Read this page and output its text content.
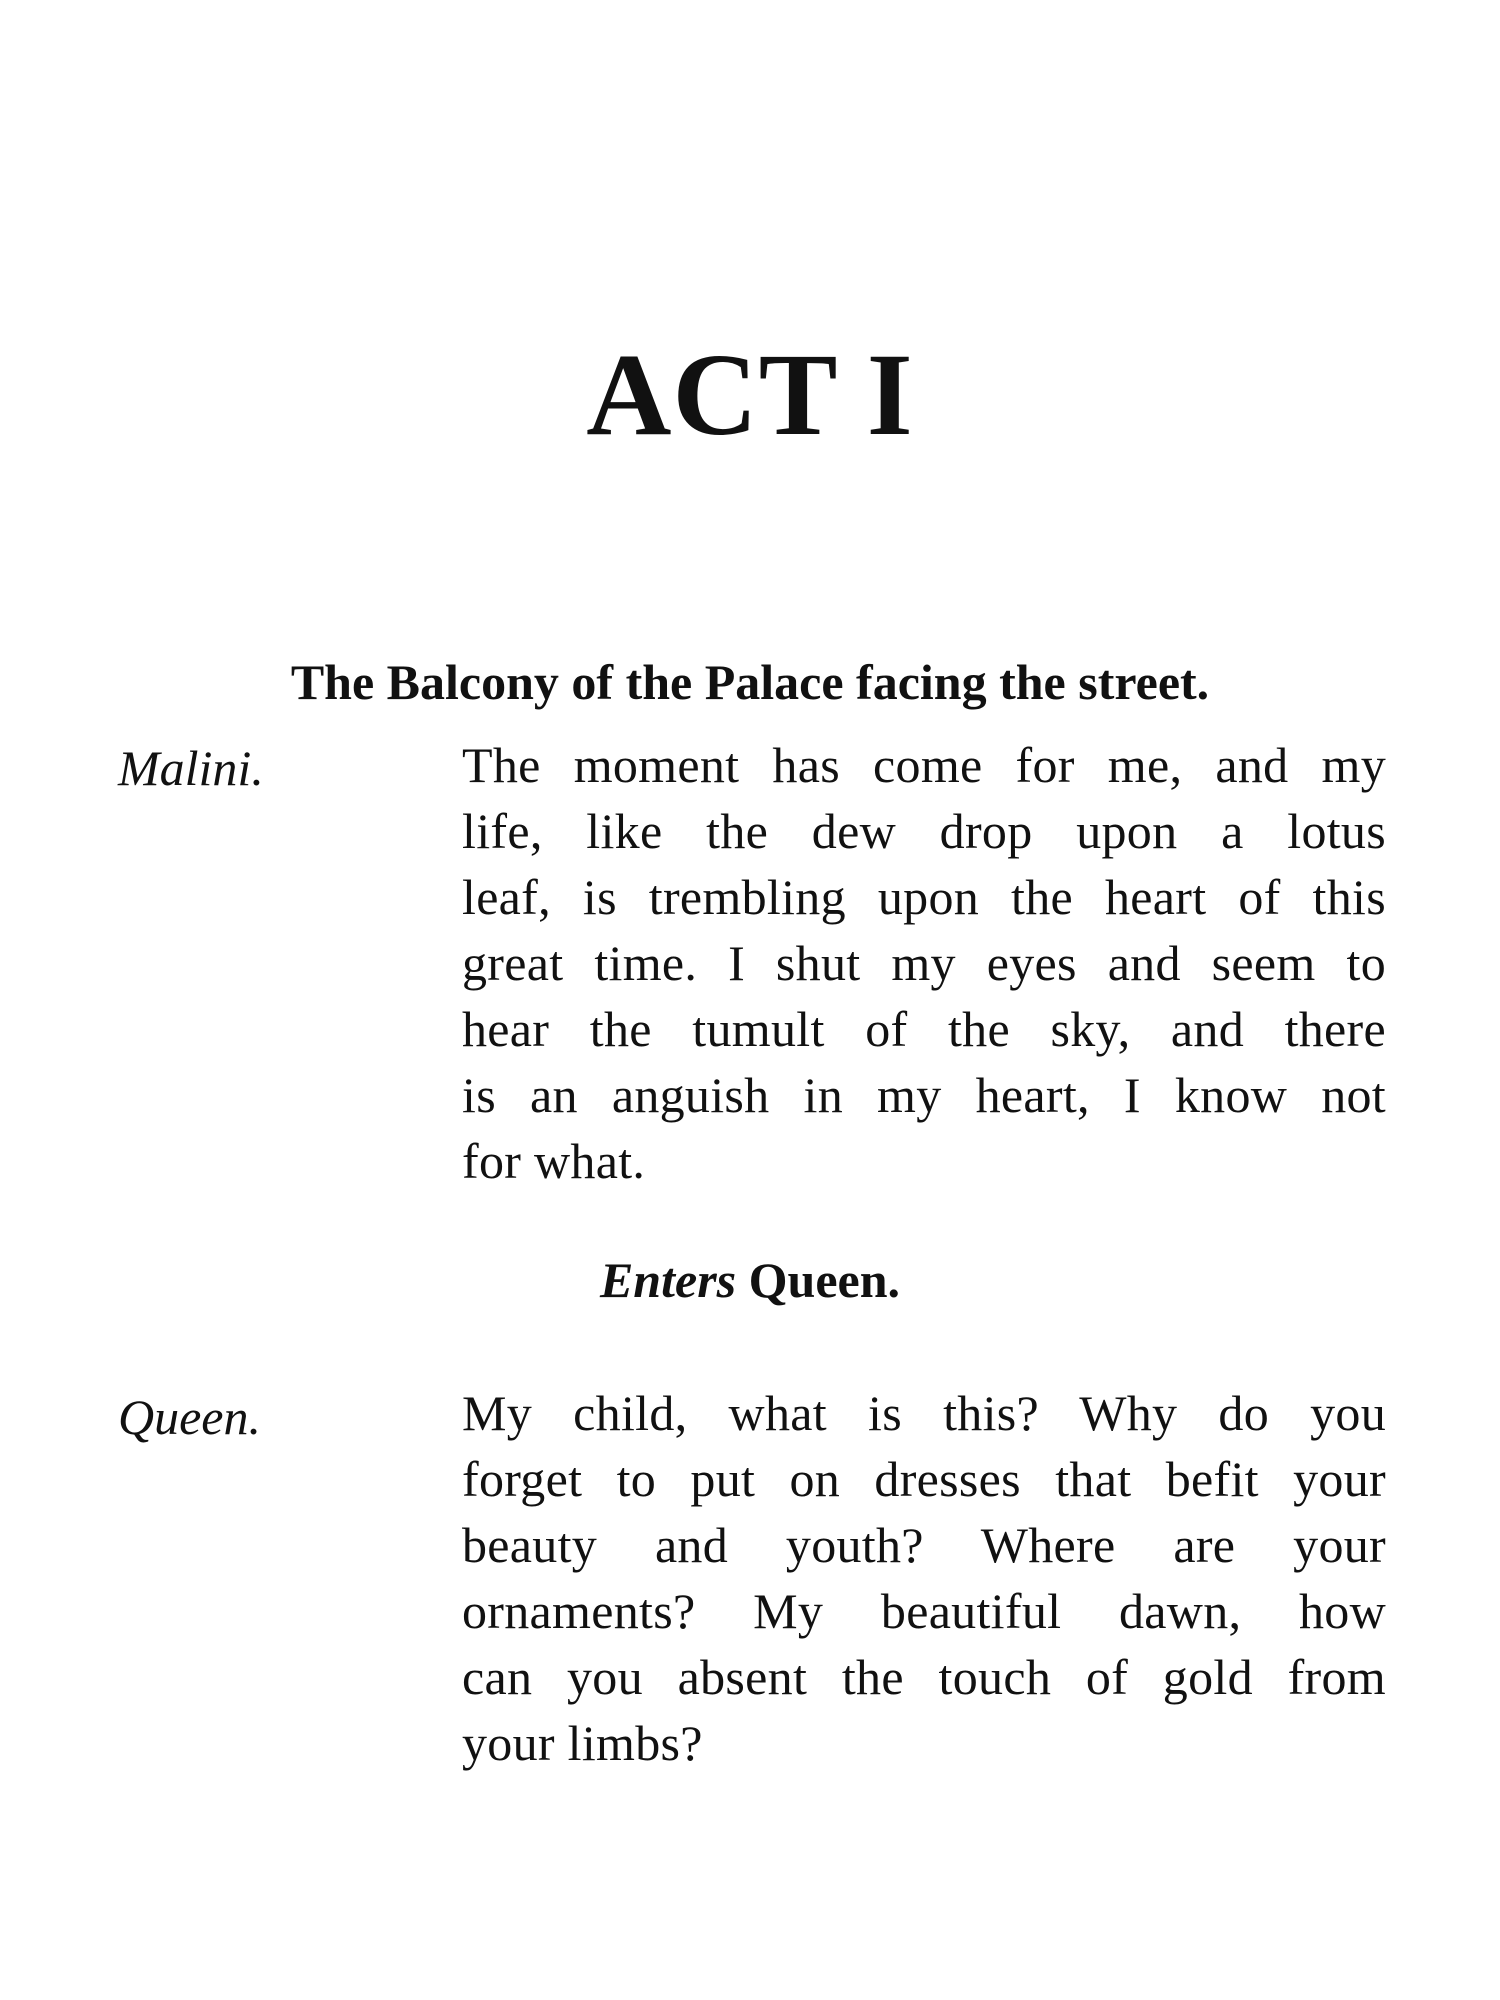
ACT I
The Balcony of the Palace facing the street.
Malini.	The moment has come for me, and my
life, like the dew drop upon a lotus
leaf, is trembling upon the heart of this
great time. I shut my eyes and seem to
hear the tumult of the sky, and there
is an anguish in my heart, I know not
for what.
Enters Queen.
Queen.	My child, what is this? Why do you
forget to put on dresses that befit your
beauty and youth? Where are your
ornaments? My beautiful dawn, how
can you absent the touch of gold from
your limbs?
